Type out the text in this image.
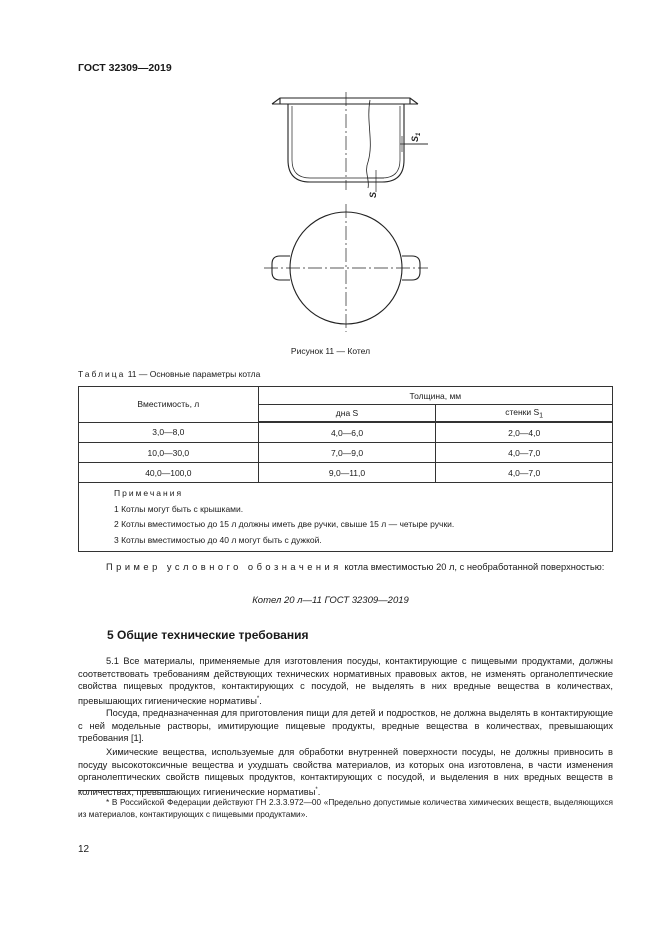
ГОСТ 32309—2019
$S_1$
S
Рисунок 11 — Котел
Таблица 11 — Основные параметры котла
Вместимость, л	Толщина, мм	
	дна S	стенки $S_1$
3,0—8,0	4,0—6,0	2,0—4,0
10,0—30,0	7,0—9,0	4,0—7,0
40,0—100,0	9,0—11,0	4,0—7,0

Примечания
1 Котлы могут быть с крышками.
2 Котлы вместимостью до 15 л должны иметь две ручки, свыше 15 л — четыре ручки.
3 Котлы вместимостью до 40 л могут быть с дужкой.		
Пример условного обозначения котла вместимостью 20 л, с необработанной поверхностью:
Котел 20 л—11 ГОСТ 32309—2019
5 Общие технические требования
5.1 Все материалы, применяемые для изготовления посуды, контактирующие с пищевыми продуктами, должны соответствовать требованиям действующих технических нормативных правовых актов, не изменять органолептические свойства пищевых продуктов, контактирующих с посудой, не выделять в них вредные вещества в количествах, превышающих гигиенические нормативы*.
Посуда, предназначенная для приготовления пищи для детей и подростков, не должна выделять в контактирующие с ней модельные растворы, имитирующие пищевые продукты, вредные вещества в количествах, превышающих требования [1].
Химические вещества, используемые для обработки внутренней поверхности посуды, не должны привносить в посуду высокотоксичные вещества и ухудшать свойства материалов, из которых она изготовлена, в части изменения органолептических свойств пищевых продуктов, контактирующих с посудой, и выделения в них вредных веществ в количествах, превышающих гигиенические нормативы*.
* В Российской Федерации действуют ГН 2.3.3.972—00 «Предельно допустимые количества химических веществ, выделяющихся из материалов, контактирующих с пищевыми продуктами».
12
